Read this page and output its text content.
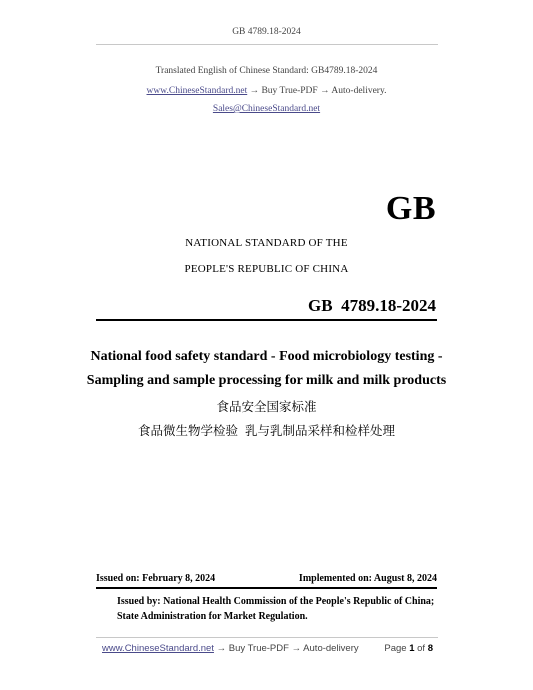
GB 4789.18-2024
Translated English of Chinese Standard: GB4789.18-2024
www.ChineseStandard.net → Buy True-PDF → Auto-delivery.
Sales@ChineseStandard.net
GB
NATIONAL STANDARD OF THE
PEOPLE'S REPUBLIC OF CHINA
GB  4789.18-2024
National food safety standard - Food microbiology testing -
Sampling and sample processing for milk and milk products
食品安全国家标准
食品微生物学检验  乳与乳制品采样和检样处理
Issued on: February 8, 2024	Implemented on: August 8, 2024
Issued by: National Health Commission of the People's Republic of China;
State Administration for Market Regulation.
www.ChineseStandard.net → Buy True-PDF → Auto-delivery	Page 1 of 8
